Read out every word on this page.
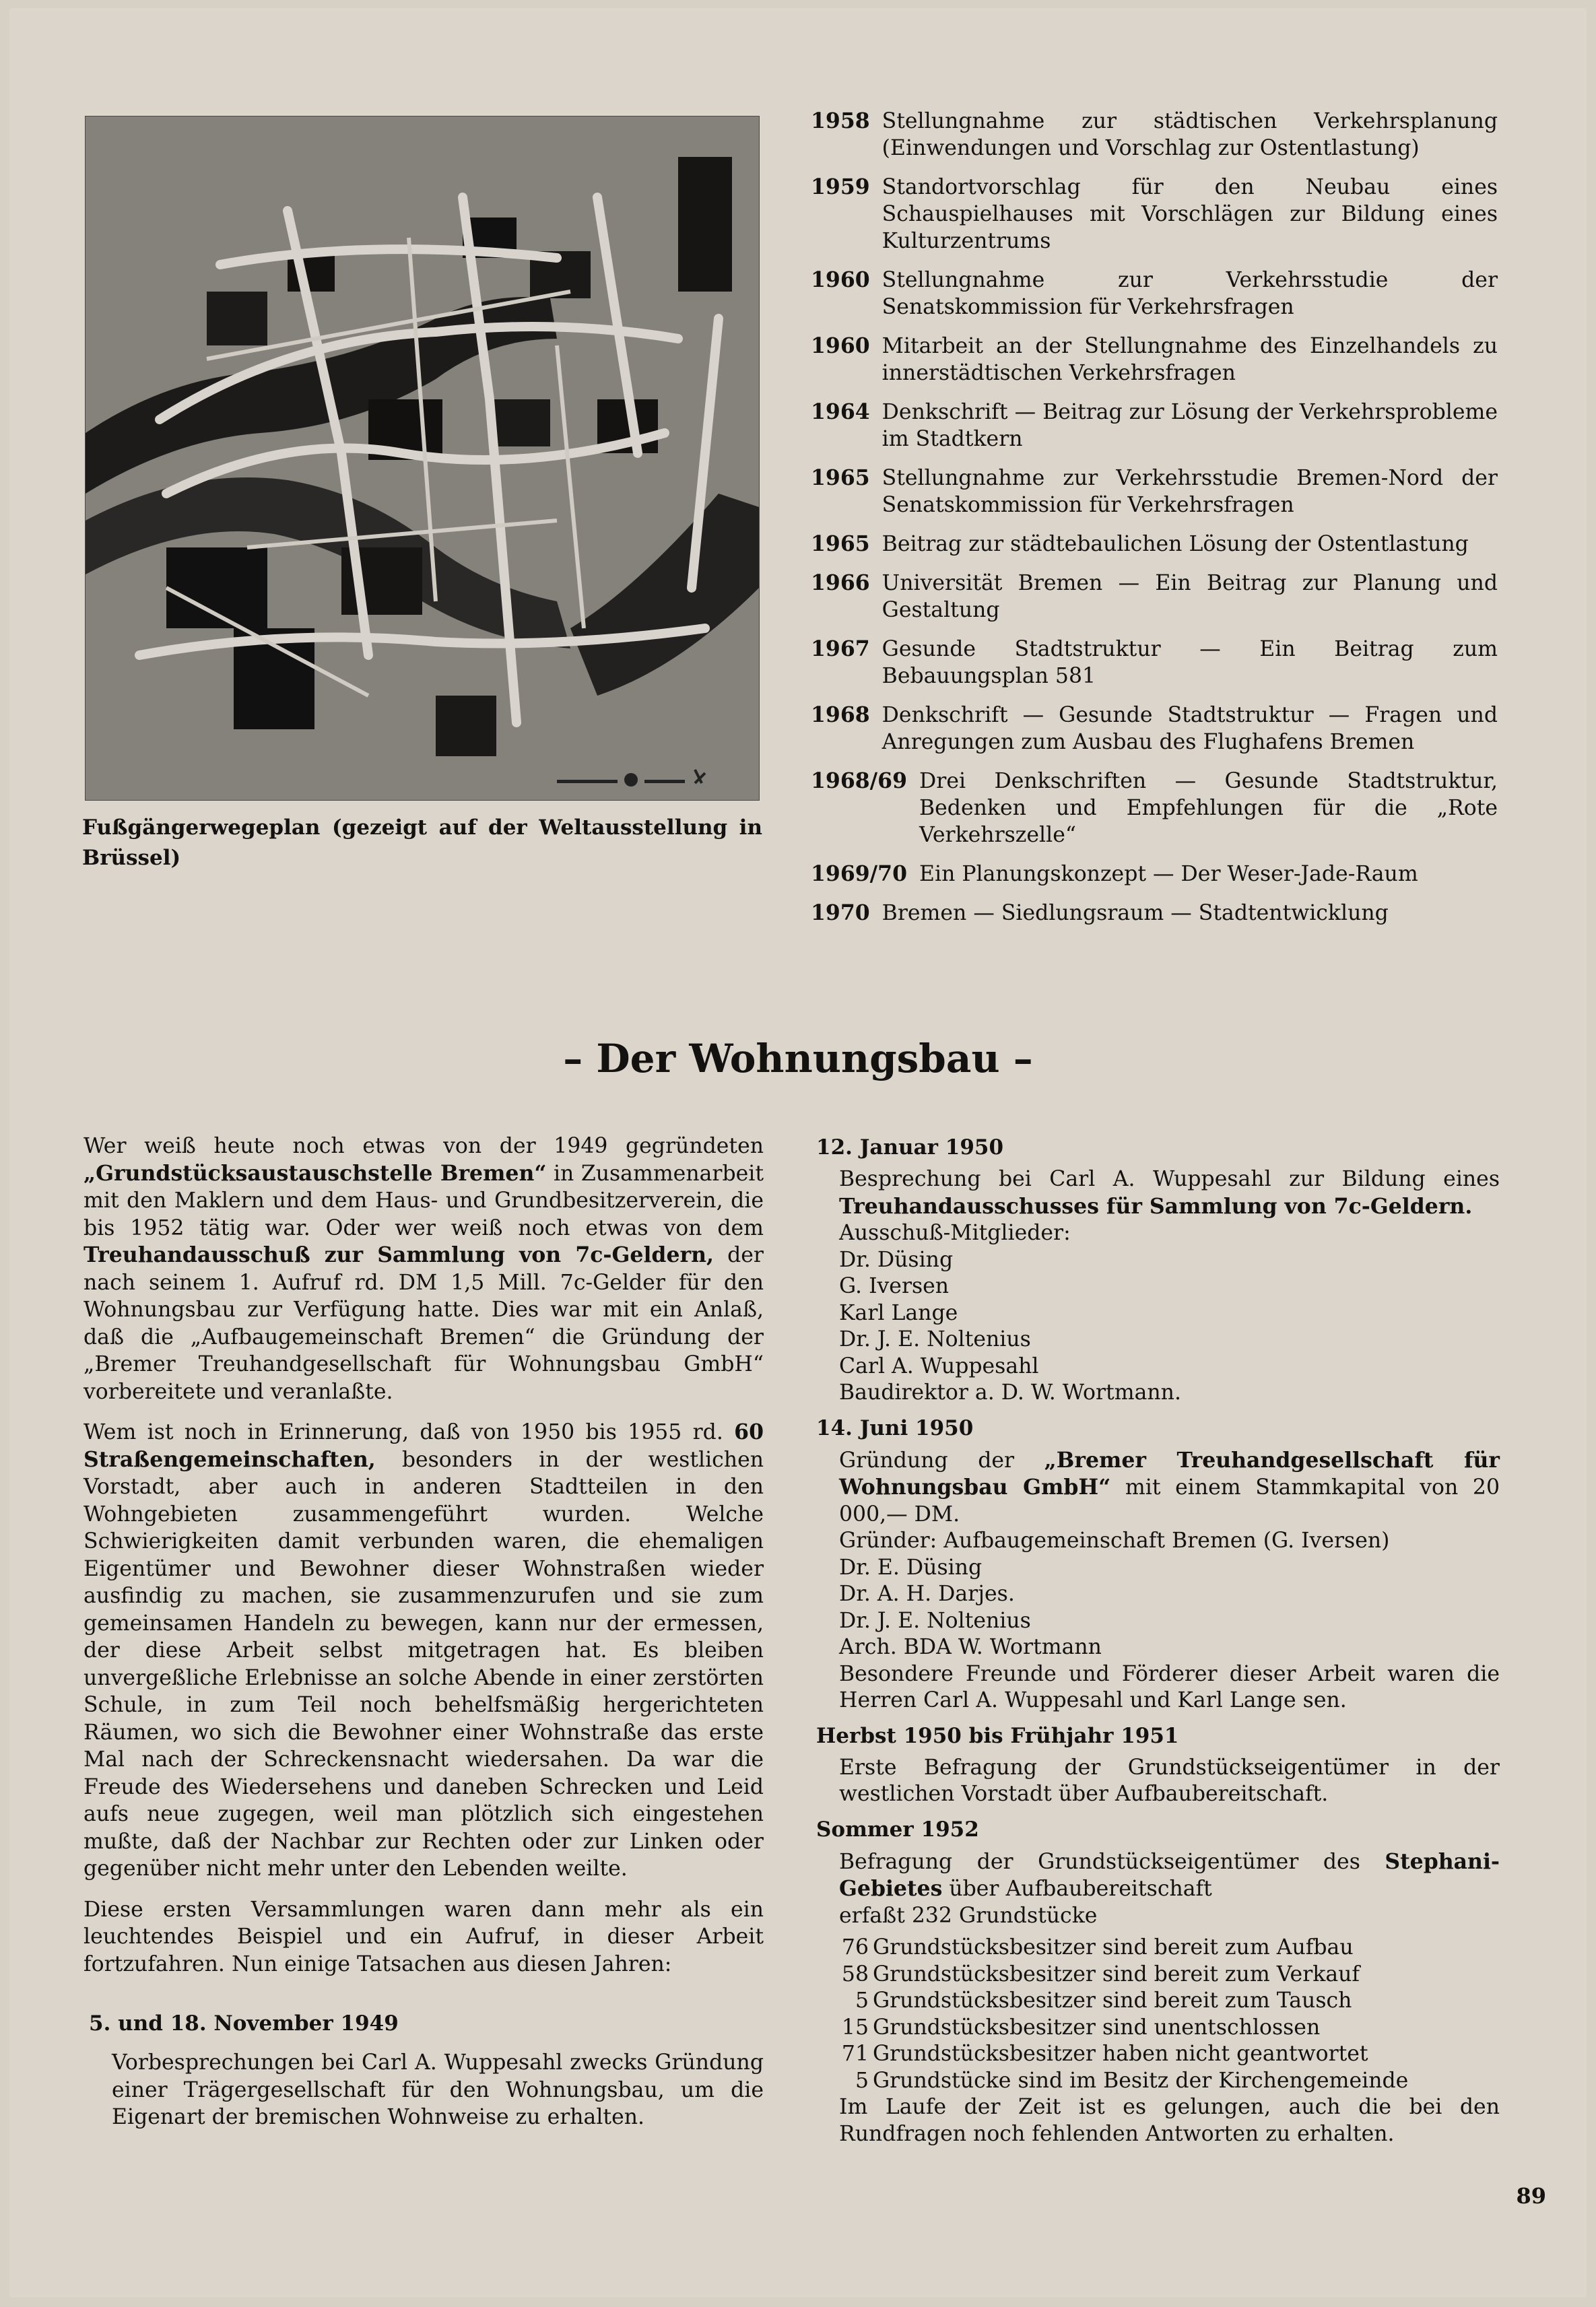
Fußgängerwegeplan (gezeigt auf der Weltausstellung in Brüssel)
1958 Stellungnahme zur städtischen Verkehrsplanung (Einwendungen und Vorschlag zur Ostentlastung)
1959 Standortvorschlag für den Neubau eines Schauspielhauses mit Vorschlägen zur Bildung eines Kulturzentrums
1960 Stellungnahme zur Verkehrsstudie der Senatskommission für Verkehrsfragen
1960 Mitarbeit an der Stellungnahme des Einzelhandels zu innerstädtischen Verkehrsfragen
1964 Denkschrift — Beitrag zur Lösung der Verkehrsprobleme im Stadtkern
1965 Stellungnahme zur Verkehrsstudie Bremen-Nord der Senatskommission für Verkehrsfragen
1965 Beitrag zur städtebaulichen Lösung der Ostentlastung
1966 Universität Bremen — Ein Beitrag zur Planung und Gestaltung
1967 Gesunde Stadtstruktur — Ein Beitrag zum Bebauungsplan 581
1968 Denkschrift — Gesunde Stadtstruktur — Fragen und Anregungen zum Ausbau des Flughafens Bremen
1968/69 Drei Denkschriften — Gesunde Stadtstruktur, Bedenken und Empfehlungen für die „Rote Verkehrszelle“
1969/70 Ein Planungskonzept — Der Weser-Jade-Raum
1970 Bremen — Siedlungsraum — Stadtentwicklung
– Der Wohnungsbau –

Wer weiß heute noch etwas von der 1949 gegründeten „Grundstücksaustauschstelle Bremen“ in Zusammenarbeit mit den Maklern und dem Haus- und Grundbesitzerverein, die bis 1952 tätig war. Oder wer weiß noch etwas von dem Treuhandausschuß zur Sammlung von 7c-Geldern, der nach seinem 1. Aufruf rd. DM 1,5 Mill. 7c-Gelder für den Wohnungsbau zur Verfügung hatte. Dies war mit ein Anlaß, daß die „Aufbaugemeinschaft Bremen“ die Gründung der „Bremer Treuhandgesellschaft für Wohnungsbau GmbH“ vorbereitete und veranlaßte.

Wem ist noch in Erinnerung, daß von 1950 bis 1955 rd. 60 Straßengemeinschaften, besonders in der westlichen Vorstadt, aber auch in anderen Stadtteilen in den Wohngebieten zusammengeführt wurden. Welche Schwierigkeiten damit verbunden waren, die ehemaligen Eigentümer und Bewohner dieser Wohnstraßen wieder ausfindig zu machen, sie zusammenzurufen und sie zum gemeinsamen Handeln zu bewegen, kann nur der ermessen, der diese Arbeit selbst mitgetragen hat. Es bleiben unvergeßliche Erlebnisse an solche Abende in einer zerstörten Schule, in zum Teil noch behelfsmäßig hergerichteten Räumen, wo sich die Bewohner einer Wohnstraße das erste Mal nach der Schreckensnacht wiedersahen. Da war die Freude des Wiedersehens und daneben Schrecken und Leid aufs neue zugegen, weil man plötzlich sich eingestehen mußte, daß der Nachbar zur Rechten oder zur Linken oder gegenüber nicht mehr unter den Lebenden weilte.

Diese ersten Versammlungen waren dann mehr als ein leuchtendes Beispiel und ein Aufruf, in dieser Arbeit fortzufahren. Nun einige Tatsachen aus diesen Jahren:

5. und 18. November 1949

Vorbesprechungen bei Carl A. Wuppesahl zwecks Gründung einer Trägergesellschaft für den Wohnungsbau, um die Eigenart der bremischen Wohnweise zu erhalten.

12. Januar 1950
Besprechung bei Carl A. Wuppesahl zur Bildung eines Treuhandausschusses für Sammlung von 7c-Geldern.
Ausschuß-Mitglieder:
Dr. Düsing
G. Iversen
Karl Lange
Dr. J. E. Noltenius
Carl A. Wuppesahl
Baudirektor a. D. W. Wortmann.
14. Juni 1950
Gründung der „Bremer Treuhandgesellschaft für Wohnungsbau GmbH“ mit einem Stammkapital von 20 000,— DM.
Gründer: Aufbaugemeinschaft Bremen (G. Iversen)
Dr. E. Düsing
Dr. A. H. Darjes.
Dr. J. E. Noltenius
Arch. BDA W. Wortmann
Besondere Freunde und Förderer dieser Arbeit waren die Herren Carl A. Wuppesahl und Karl Lange sen.
Herbst 1950 bis Frühjahr 1951
Erste Befragung der Grundstückseigentümer in der westlichen Vorstadt über Aufbaubereitschaft.
Sommer 1952
Befragung der Grundstückseigentümer des Stephani-Gebietes über Aufbaubereitschaft
erfaßt 232 Grundstücke
76 Grundstücksbesitzer sind bereit zum Aufbau
58 Grundstücksbesitzer sind bereit zum Verkauf
5 Grundstücksbesitzer sind bereit zum Tausch
15 Grundstücksbesitzer sind unentschlossen
71 Grundstücksbesitzer haben nicht geantwortet
5 Grundstücke sind im Besitz der Kirchengemeinde
Im Laufe der Zeit ist es gelungen, auch die bei den Rundfragen noch fehlenden Antworten zu erhalten.
89
